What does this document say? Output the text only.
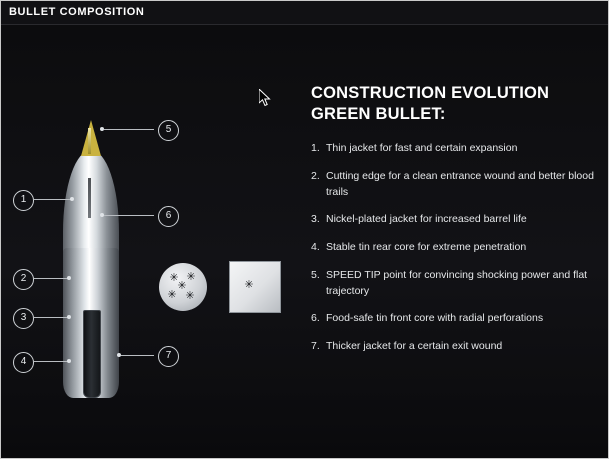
BULLET COMPOSITION
1
2
3
4
5
6
7
✳ ✳
✳ ✳
✳	✳
CONSTRUCTION EVOLUTION GREEN BULLET:
1. Thin jacket for fast and certain expansion
2. Cutting edge for a clean entrance wound and better blood trails
3. Nickel-plated jacket for increased barrel life
4. Stable tin rear core for extreme penetration
5. SPEED TIP point for convincing shocking power and flat trajectory
6. Food-safe tin front core with radial perforations
7. Thicker jacket for a certain exit wound
